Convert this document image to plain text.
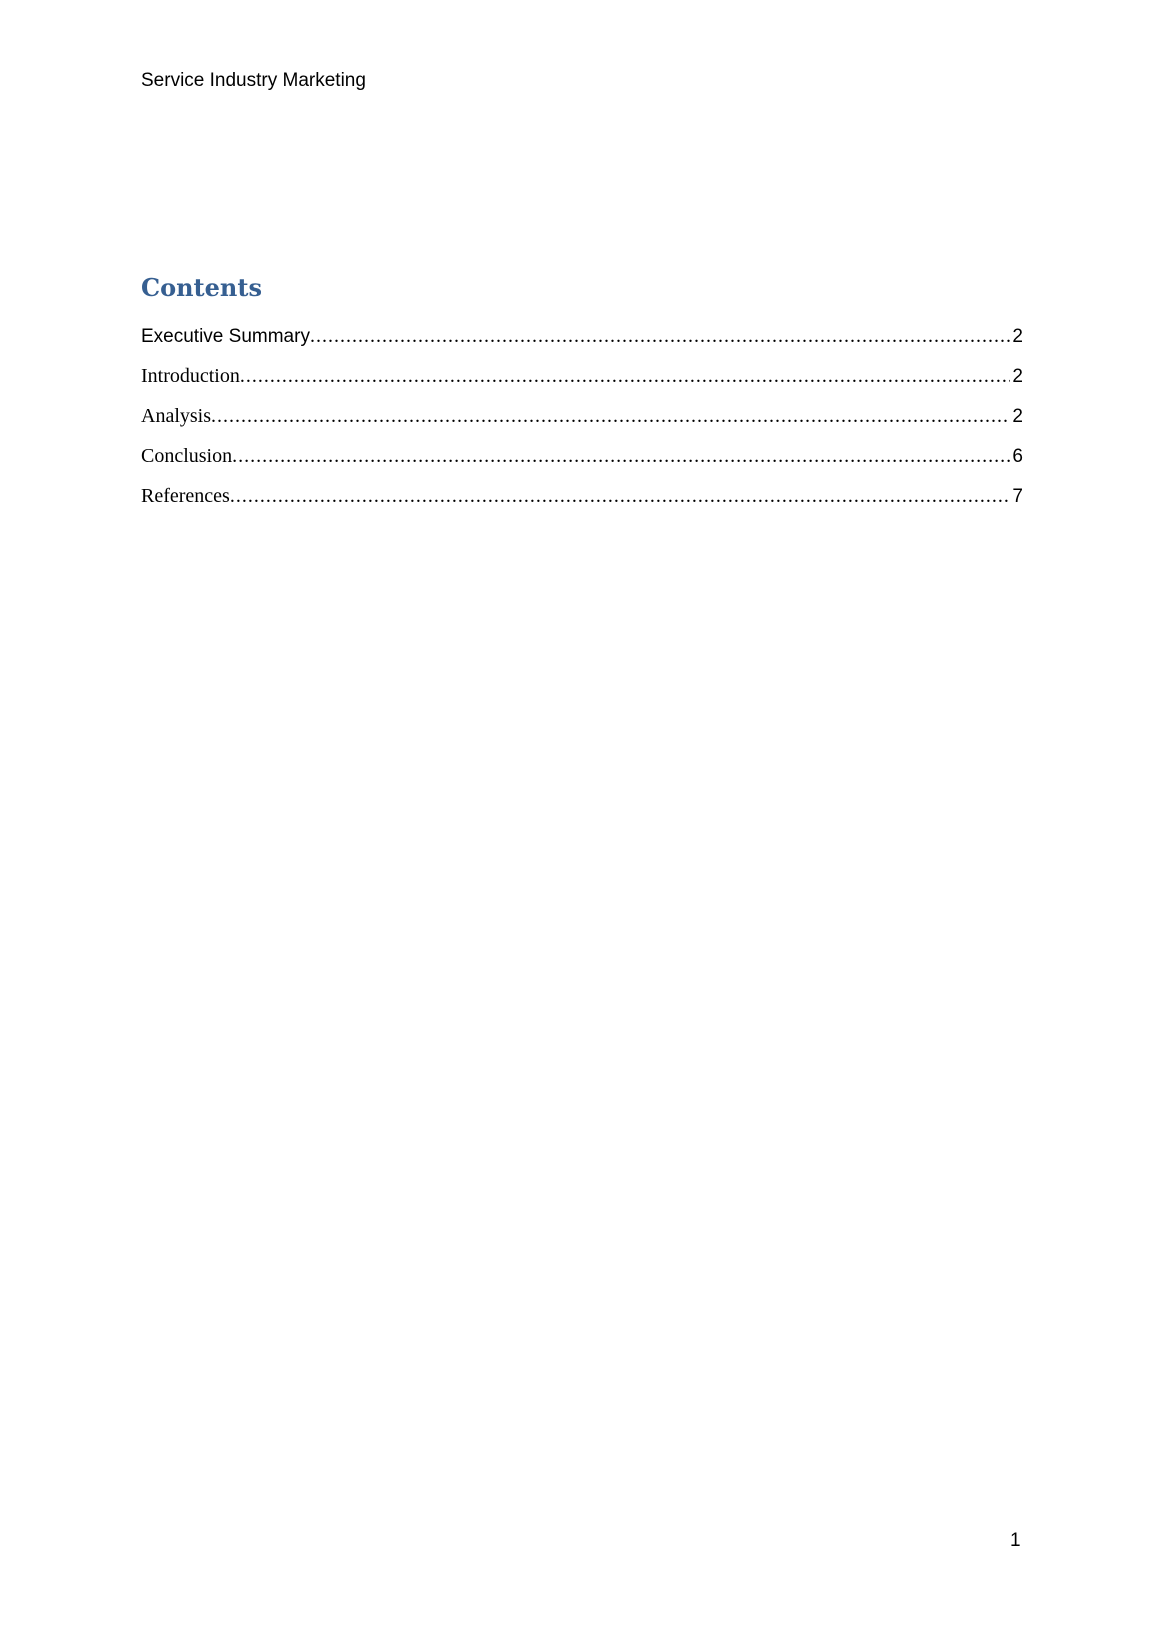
Service Industry Marketing
Contents
Executive Summary .....	2
Introduction .....	2
Analysis .....	2
Conclusion .....	6
References .....	7
1
